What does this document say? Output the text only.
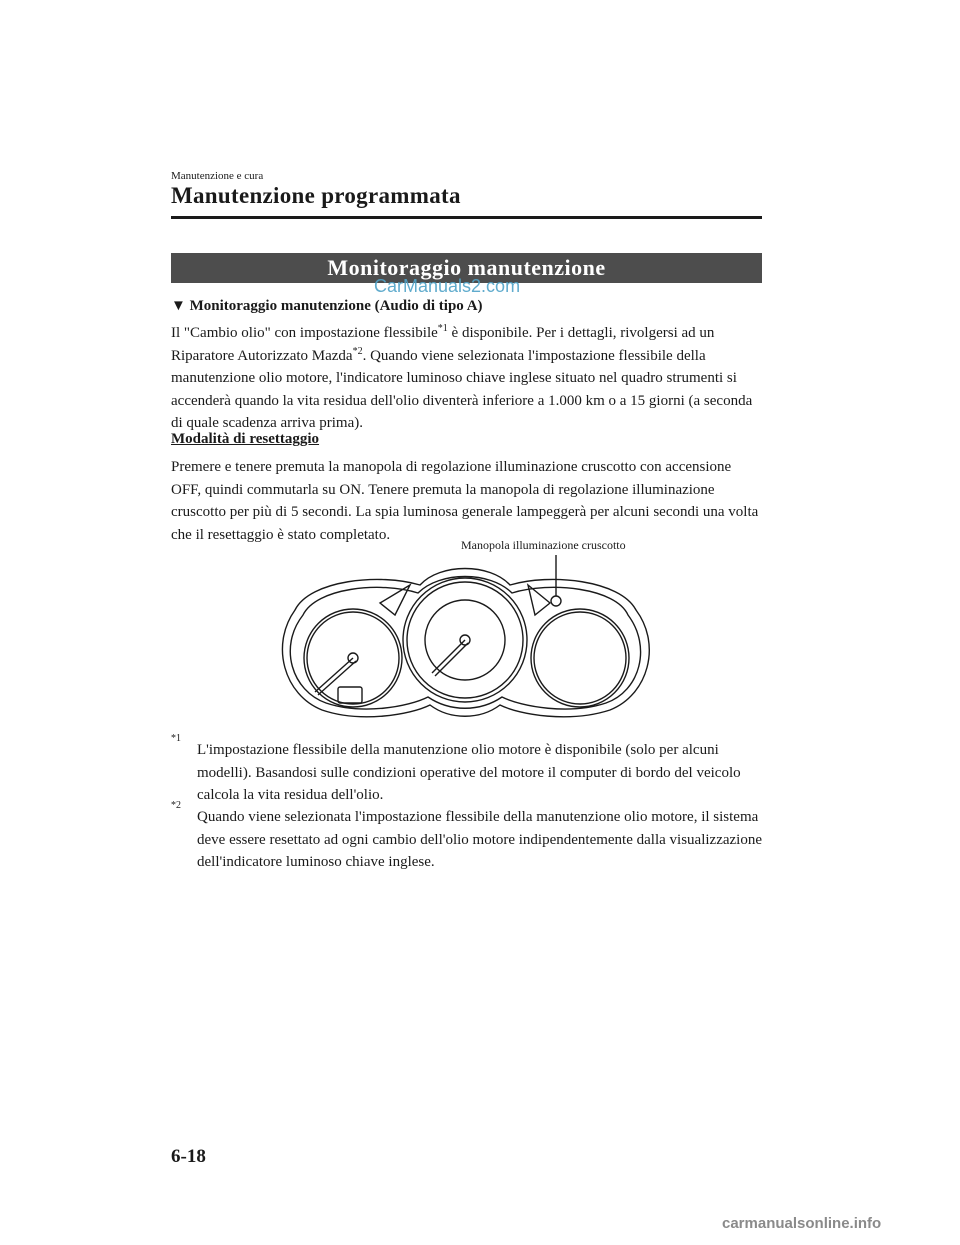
Manutenzione e cura
Manutenzione programmata
Monitoraggio manutenzione
CarManuals2.com
▼ Monitoraggio manutenzione (Audio di tipo A)
Il "Cambio olio" con impostazione flessibile$^{*1}$ è disponibile. Per i dettagli, rivolgersi ad un Riparatore Autorizzato Mazda$^{*2}$. Quando viene selezionata l'impostazione flessibile della manutenzione olio motore, l'indicatore luminoso chiave inglese situato nel quadro strumenti si accenderà quando la vita residua dell'olio diventerà inferiore a 1.000 km o a 15 giorni (a seconda di quale scadenza arriva prima).
Modalità di resettaggio
Premere e tenere premuta la manopola di regolazione illuminazione cruscotto con accensione OFF, quindi commutarla su ON. Tenere premuta la manopola di regolazione illuminazione cruscotto per più di 5 secondi. La spia luminosa generale lampeggerà per alcuni secondi una volta che il resettaggio è stato completato.
Manopola illuminazione cruscotto
*1
L'impostazione flessibile della manutenzione olio motore è disponibile (solo per alcuni modelli). Basandosi sulle condizioni operative del motore il computer di bordo del veicolo calcola la vita residua dell'olio.
*2
Quando viene selezionata l'impostazione flessibile della manutenzione olio motore, il sistema deve essere resettato ad ogni cambio dell'olio motore indipendentemente dalla visualizzazione dell'indicatore luminoso chiave inglese.
6-18
carmanualsonline.info
